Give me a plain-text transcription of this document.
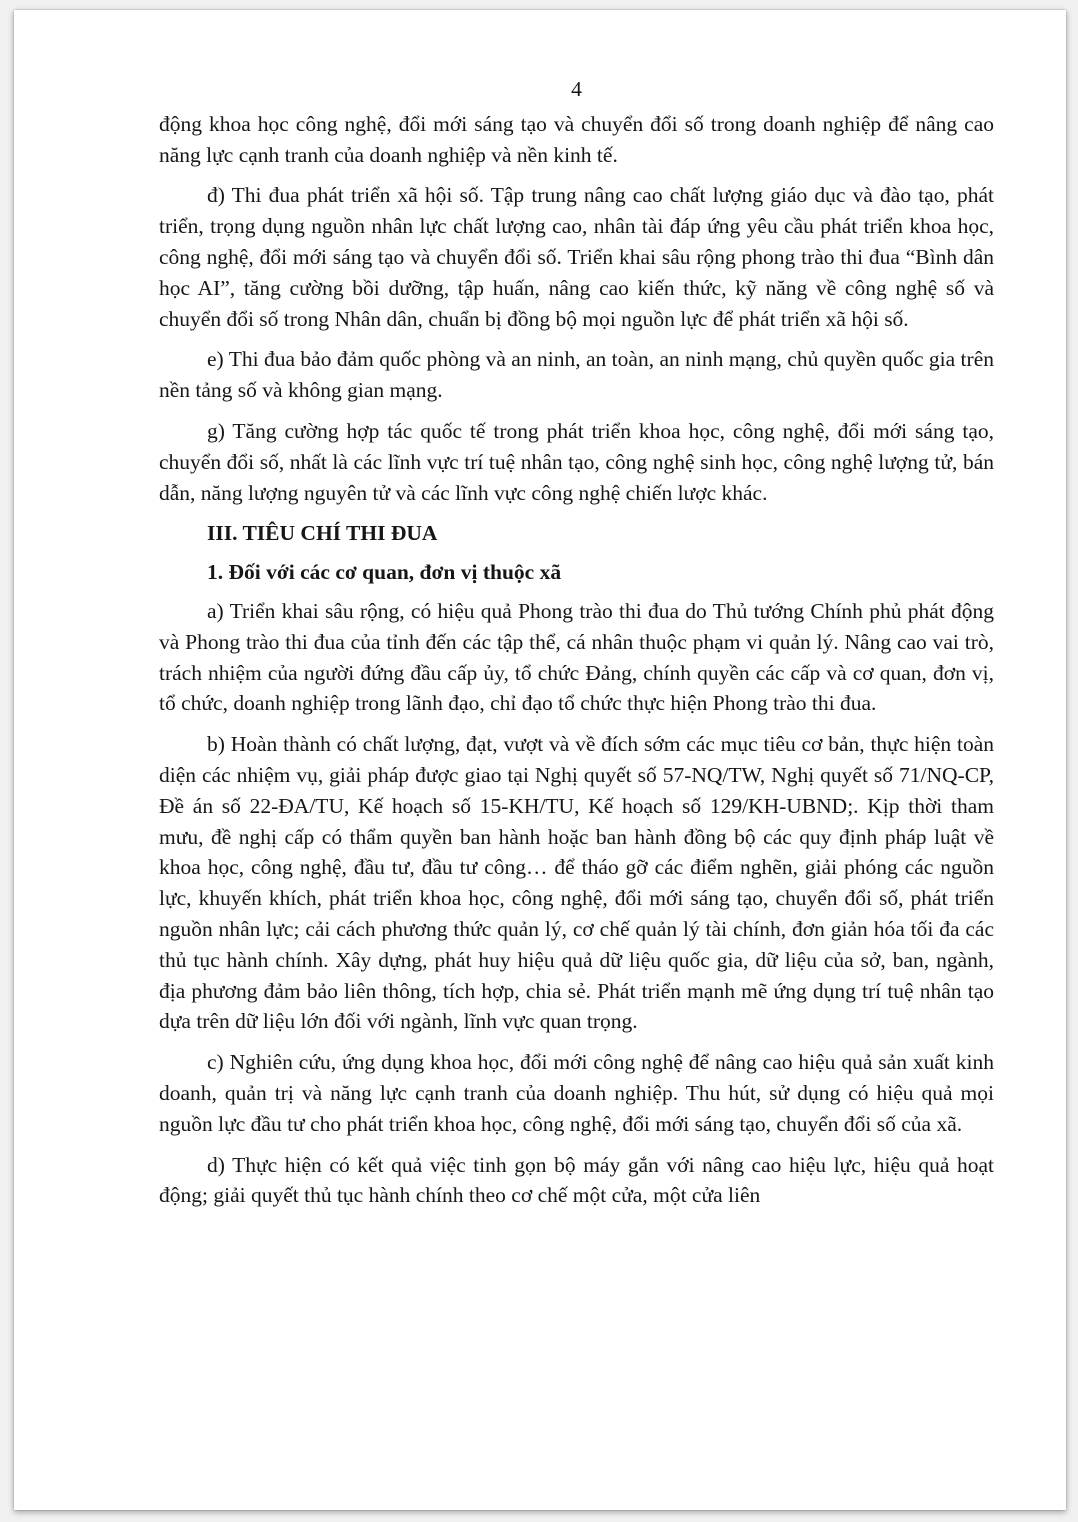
4

động khoa học công nghệ, đổi mới sáng tạo và chuyển đổi số trong doanh nghiệp để nâng cao năng lực cạnh tranh của doanh nghiệp và nền kinh tế.

đ) Thi đua phát triển xã hội số. Tập trung nâng cao chất lượng giáo dục và đào tạo, phát triển, trọng dụng nguồn nhân lực chất lượng cao, nhân tài đáp ứng yêu cầu phát triển khoa học, công nghệ, đổi mới sáng tạo và chuyển đổi số. Triển khai sâu rộng phong trào thi đua “Bình dân học AI”, tăng cường bồi dưỡng, tập huấn, nâng cao kiến thức, kỹ năng về công nghệ số và chuyển đổi số trong Nhân dân, chuẩn bị đồng bộ mọi nguồn lực để phát triển xã hội số.

e) Thi đua bảo đảm quốc phòng và an ninh, an toàn, an ninh mạng, chủ quyền quốc gia trên nền tảng số và không gian mạng.

g) Tăng cường hợp tác quốc tế trong phát triển khoa học, công nghệ, đổi mới sáng tạo, chuyển đổi số, nhất là các lĩnh vực trí tuệ nhân tạo, công nghệ sinh học, công nghệ lượng tử, bán dẫn, năng lượng nguyên tử và các lĩnh vực công nghệ chiến lược khác.

III. TIÊU CHÍ THI ĐUA
1. Đối với các cơ quan, đơn vị thuộc xã

a) Triển khai sâu rộng, có hiệu quả Phong trào thi đua do Thủ tướng Chính phủ phát động và Phong trào thi đua của tỉnh đến các tập thể, cá nhân thuộc phạm vi quản lý. Nâng cao vai trò, trách nhiệm của người đứng đầu cấp ủy, tổ chức Đảng, chính quyền các cấp và cơ quan, đơn vị, tổ chức, doanh nghiệp trong lãnh đạo, chỉ đạo tổ chức thực hiện Phong trào thi đua.

b) Hoàn thành có chất lượng, đạt, vượt và về đích sớm các mục tiêu cơ bản, thực hiện toàn diện các nhiệm vụ, giải pháp được giao tại Nghị quyết số 57-NQ/TW, Nghị quyết số 71/NQ-CP, Đề án số 22-ĐA/TU, Kế hoạch số 15-KH/TU, Kế hoạch số 129/KH-UBND;. Kịp thời tham mưu, đề nghị cấp có thẩm quyền ban hành hoặc ban hành đồng bộ các quy định pháp luật về khoa học, công nghệ, đầu tư, đầu tư công… để tháo gỡ các điểm nghẽn, giải phóng các nguồn lực, khuyến khích, phát triển khoa học, công nghệ, đổi mới sáng tạo, chuyển đổi số, phát triển nguồn nhân lực; cải cách phương thức quản lý, cơ chế quản lý tài chính, đơn giản hóa tối đa các thủ tục hành chính. Xây dựng, phát huy hiệu quả dữ liệu quốc gia, dữ liệu của sở, ban, ngành, địa phương đảm bảo liên thông, tích hợp, chia sẻ. Phát triển mạnh mẽ ứng dụng trí tuệ nhân tạo dựa trên dữ liệu lớn đối với ngành, lĩnh vực quan trọng.

c) Nghiên cứu, ứng dụng khoa học, đổi mới công nghệ để nâng cao hiệu quả sản xuất kinh doanh, quản trị và năng lực cạnh tranh của doanh nghiệp. Thu hút, sử dụng có hiệu quả mọi nguồn lực đầu tư cho phát triển khoa học, công nghệ, đổi mới sáng tạo, chuyển đổi số của xã.

d) Thực hiện có kết quả việc tinh gọn bộ máy gắn với nâng cao hiệu lực, hiệu quả hoạt động; giải quyết thủ tục hành chính theo cơ chế một cửa, một cửa liên
